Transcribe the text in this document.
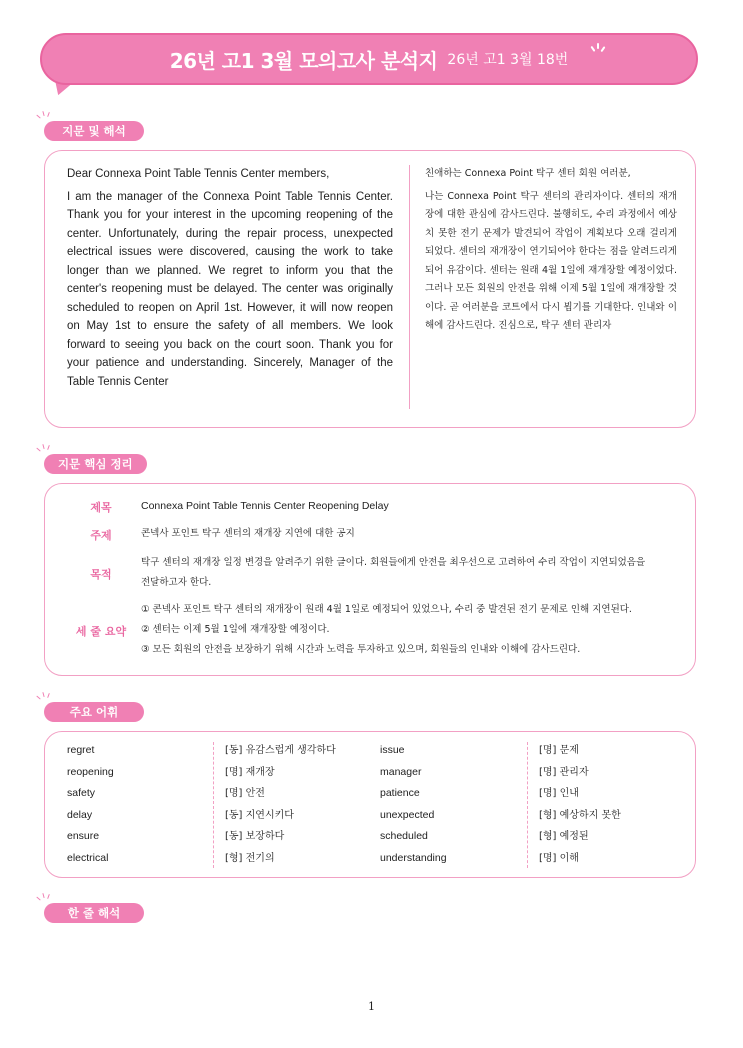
26년 고1 3월 모의고사 분석지 26년 고1 3월 18번
지문 및 해석

Dear Connexa Point Table Tennis Center members,

I am the manager of the Connexa Point Table Tennis Center. Thank you for your interest in the upcoming reopening of the center. Unfortunately, during the repair process, unexpected electrical issues were discovered, causing the work to take longer than we planned. We regret to inform you that the center's reopening must be delayed. The center was originally scheduled to reopen on April 1st. However, it will now reopen on May 1st to ensure the safety of all members. We look forward to seeing you back on the court soon. Thank you for your patience and understanding. Sincerely, Manager of the Table Tennis Center

친애하는 Connexa Point 탁구 센터 회원 여러분,

나는 Connexa Point 탁구 센터의 관리자이다. 센터의 재개장에 대한 관심에 감사드린다. 불행히도, 수리 과정에서 예상치 못한 전기 문제가 발견되어 작업이 계획보다 오래 걸리게 되었다. 센터의 재개장이 연기되어야 한다는 점을 알려드리게 되어 유감이다. 센터는 원래 4월 1일에 재개장할 예정이었다. 그러나 모든 회원의 안전을 위해 이제 5월 1일에 재개장할 것이다. 곧 여러분을 코트에서 다시 뵙기를 기대한다. 인내와 이해에 감사드린다. 진심으로, 탁구 센터 관리자

지문 핵심 정리
제목	Connexa Point Table Tennis Center Reopening Delay
주제	콘넥사 포인트 탁구 센터의 재개장 지연에 대한 공지
목적
탁구 센터의 재개장 일정 변경을 알려주기 위한 글이다. 회원들에게 안전을 최우선으로 고려하여 수리 작업이 지연되었음을
전달하고자 한다.
세 줄 요약
① 콘넥사 포인트 탁구 센터의 재개장이 원래 4월 1일로 예정되어 있었으나, 수리 중 발견된 전기 문제로 인해 지연된다.
② 센터는 이제 5월 1일에 재개장할 예정이다.
③ 모든 회원의 안전을 보장하기 위해 시간과 노력을 투자하고 있으며, 회원들의 인내와 이해에 감사드린다.
주요 어휘
regret
reopening
safety
delay
ensure
electrical
[동] 유감스럽게 생각하다
[명] 재개장
[명] 안전
[동] 지연시키다
[동] 보장하다
[형] 전기의
issue
manager
patience
unexpected
scheduled
understanding
[명] 문제
[명] 관리자
[명] 인내
[형] 예상하지 못한
[형] 예정된
[명] 이해
한 줄 해석
1
